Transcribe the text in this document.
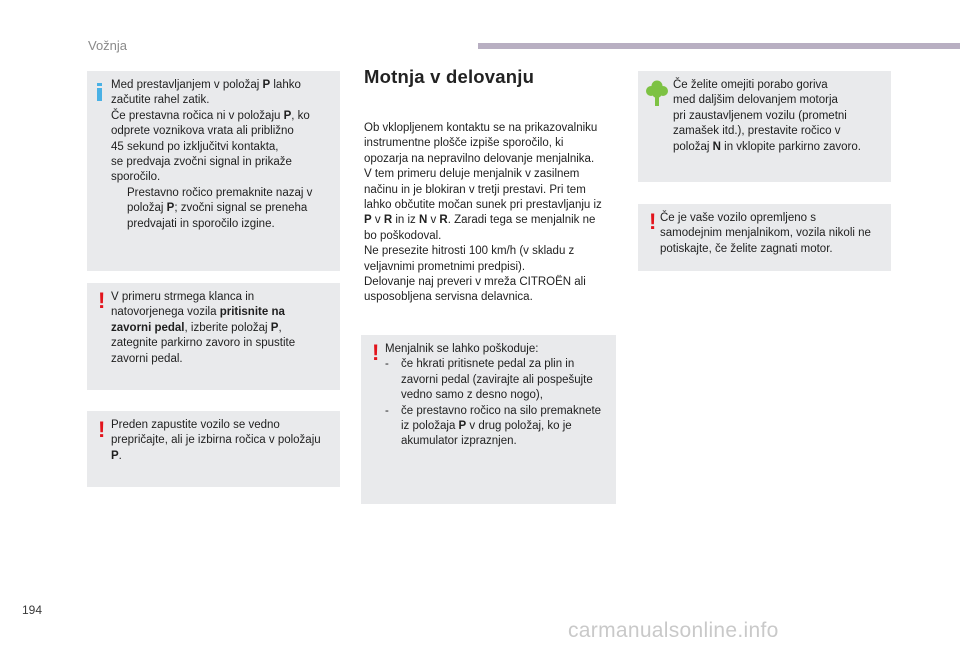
Vožnja
Med prestavljanjem v položaj P lahko
začutite rahel zatik.
Če prestavna ročica ni v položaju P, ko
odprete voznikova vrata ali približno
45 sekund po izključitvi kontakta,
se predvaja zvočni signal in prikaže
sporočilo.
Prestavno ročico premaknite nazaj v
položaj P; zvočni signal se preneha
predvajati in sporočilo izgine.
! V primeru strmega klanca in
natovorjenega vozila pritisnite na
zavorni pedal, izberite položaj P,
zategnite parkirno zavoro in spustite
zavorni pedal.
! Preden zapustite vozilo se vedno
prepričajte, ali je izbirna ročica v položaju
P.
Motnja v delovanju
Ob vklopljenem kontaktu se na prikazovalniku
instrumentne plošče izpiše sporočilo, ki
opozarja na nepravilno delovanje menjalnika.
V tem primeru deluje menjalnik v zasilnem
načinu in je blokiran v tretji prestavi. Pri tem
lahko občutite močan sunek pri prestavljanju iz
P v R in iz N v R. Zaradi tega se menjalnik ne
bo poškodoval.
Ne presezite hitrosti 100 km/h (v skladu z
veljavnimi prometnimi predpisi).
Delovanje naj preveri v mreža CITROËN ali
usposobljena servisna delavnica.
! Menjalnik se lahko poškoduje:
- če hkrati pritisnete pedal za plin in
zavorni pedal (zavirajte ali pospešujte
vedno samo z desno nogo),
- če prestavno ročico na silo premaknete
iz položaja P v drug položaj, ko je
akumulator izpraznjen.
Če želite omejiti porabo goriva
med daljšim delovanjem motorja
pri zaustavljenem vozilu (prometni
zamašek itd.), prestavite ročico v
položaj N in vklopite parkirno zavoro.
! Če je vaše vozilo opremljeno s
samodejnim menjalnikom, vozila nikoli ne
potiskajte, če želite zagnati motor.
194
carmanualsonline.info
